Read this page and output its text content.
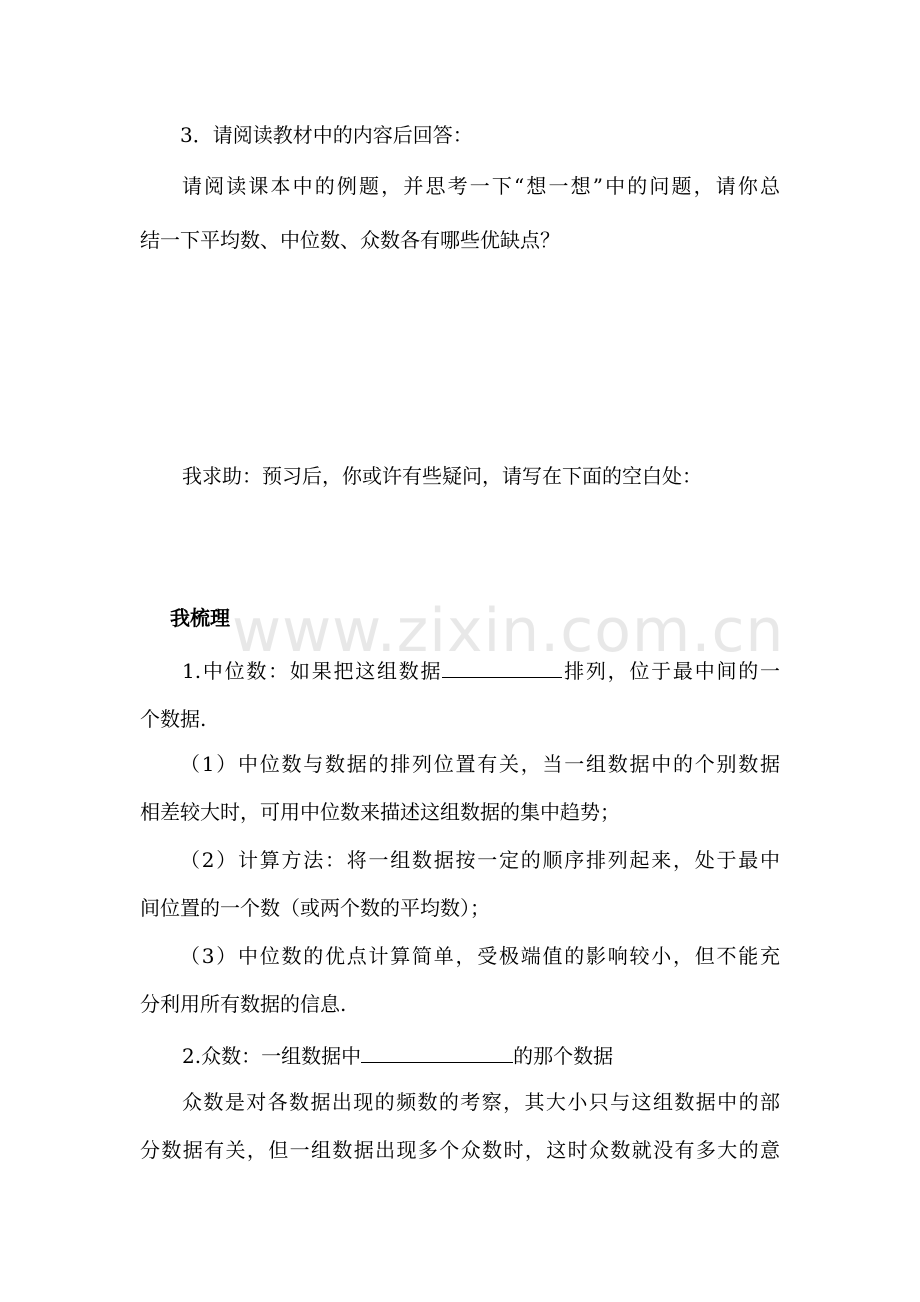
www.zixin.com.cn
3．请阅读教材中的内容后回答：
请阅读课本中的例题，并思考一下“想一想”中的问题，请你总
结一下平均数、中位数、众数各有哪些优缺点？
我求助：预习后，你或许有些疑问，请写在下面的空白处：
我梳理
1.中位数：如果把这组数据	排列，位于最中间的一
个数据.
（1）中位数与数据的排列位置有关，当一组数据中的个别数据
相差较大时，可用中位数来描述这组数据的集中趋势；
（2）计算方法：将一组数据按一定的顺序排列起来，处于最中
间位置的一个数（或两个数的平均数）；
（3）中位数的优点计算简单，受极端值的影响较小，但不能充
分利用所有数据的信息.
2.众数：一组数据中	的那个数据
众数是对各数据出现的频数的考察，其大小只与这组数据中的部
分数据有关，但一组数据出现多个众数时，这时众数就没有多大的意
